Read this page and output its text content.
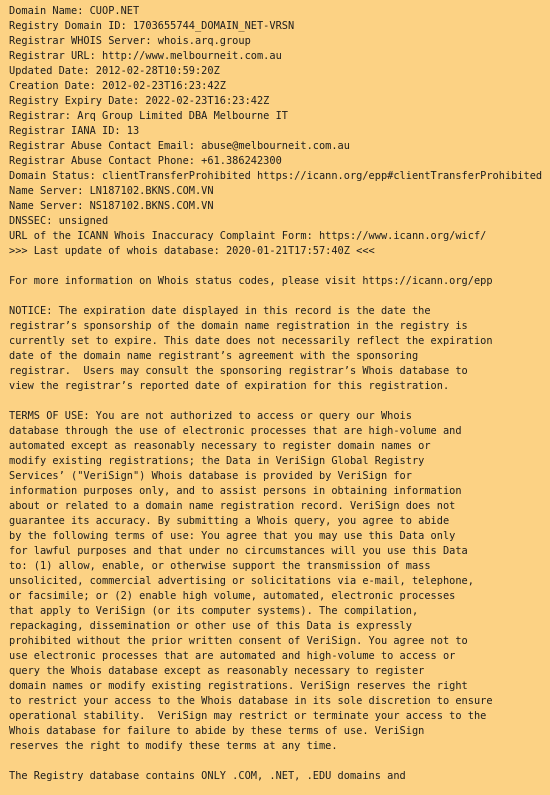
Domain Name: CUOP.NET
Registry Domain ID: 1703655744_DOMAIN_NET-VRSN
Registrar WHOIS Server: whois.arq.group
Registrar URL: http://www.melbourneit.com.au
Updated Date: 2012-02-28T10:59:20Z
Creation Date: 2012-02-23T16:23:42Z
Registry Expiry Date: 2022-02-23T16:23:42Z
Registrar: Arq Group Limited DBA Melbourne IT
Registrar IANA ID: 13
Registrar Abuse Contact Email: abuse@melbourneit.com.au
Registrar Abuse Contact Phone: +61.386242300
Domain Status: clientTransferProhibited https://icann.org/epp#clientTransferProhibited
Name Server: LN187102.BKNS.COM.VN
Name Server: NS187102.BKNS.COM.VN
DNSSEC: unsigned
URL of the ICANN Whois Inaccuracy Complaint Form: https://www.icann.org/wicf/
>>> Last update of whois database: 2020-01-21T17:57:40Z <<<
For more information on Whois status codes, please visit https://icann.org/epp
NOTICE: The expiration date displayed in this record is the date the
registrar’s sponsorship of the domain name registration in the registry is
currently set to expire. This date does not necessarily reflect the expiration
date of the domain name registrant’s agreement with the sponsoring
registrar.  Users may consult the sponsoring registrar’s Whois database to
view the registrar’s reported date of expiration for this registration.
TERMS OF USE: You are not authorized to access or query our Whois
database through the use of electronic processes that are high-volume and
automated except as reasonably necessary to register domain names or
modify existing registrations; the Data in VeriSign Global Registry
Services’ ("VeriSign") Whois database is provided by VeriSign for
information purposes only, and to assist persons in obtaining information
about or related to a domain name registration record. VeriSign does not
guarantee its accuracy. By submitting a Whois query, you agree to abide
by the following terms of use: You agree that you may use this Data only
for lawful purposes and that under no circumstances will you use this Data
to: (1) allow, enable, or otherwise support the transmission of mass
unsolicited, commercial advertising or solicitations via e-mail, telephone,
or facsimile; or (2) enable high volume, automated, electronic processes
that apply to VeriSign (or its computer systems). The compilation,
repackaging, dissemination or other use of this Data is expressly
prohibited without the prior written consent of VeriSign. You agree not to
use electronic processes that are automated and high-volume to access or
query the Whois database except as reasonably necessary to register
domain names or modify existing registrations. VeriSign reserves the right
to restrict your access to the Whois database in its sole discretion to ensure
operational stability.  VeriSign may restrict or terminate your access to the
Whois database for failure to abide by these terms of use. VeriSign
reserves the right to modify these terms at any time.
The Registry database contains ONLY .COM, .NET, .EDU domains and
